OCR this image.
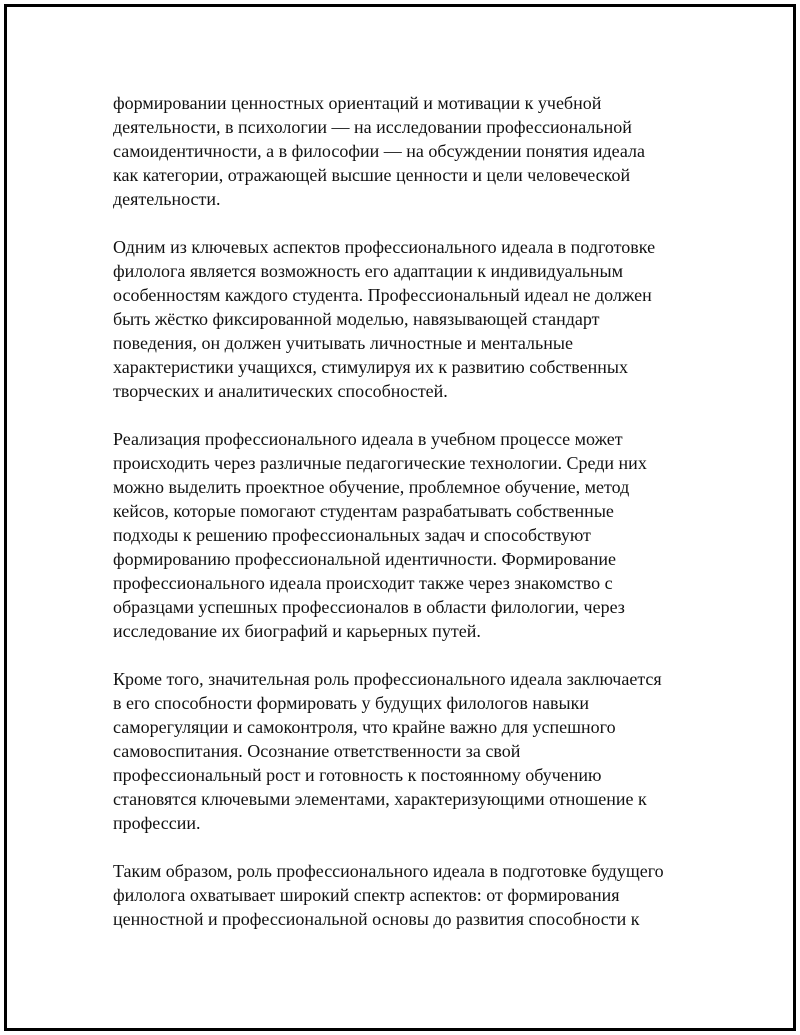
формировании ценностных ориентаций и мотивации к учебной
деятельности, в психологии — на исследовании профессиональной
самоидентичности, а в философии — на обсуждении понятия идеала
как категории, отражающей высшие ценности и цели человеческой
деятельности.

Одним из ключевых аспектов профессионального идеала в подготовке
филолога является возможность его адаптации к индивидуальным
особенностям каждого студента. Профессиональный идеал не должен
быть жёстко фиксированной моделью, навязывающей стандарт
поведения, он должен учитывать личностные и ментальные
характеристики учащихся, стимулируя их к развитию собственных
творческих и аналитических способностей.

Реализация профессионального идеала в учебном процессе может
происходить через различные педагогические технологии. Среди них
можно выделить проектное обучение, проблемное обучение, метод
кейсов, которые помогают студентам разрабатывать собственные
подходы к решению профессиональных задач и способствуют
формированию профессиональной идентичности. Формирование
профессионального идеала происходит также через знакомство с
образцами успешных профессионалов в области филологии, через
исследование их биографий и карьерных путей.

Кроме того, значительная роль профессионального идеала заключается
в его способности формировать у будущих филологов навыки
саморегуляции и самоконтроля, что крайне важно для успешного
самовоспитания. Осознание ответственности за свой
профессиональный рост и готовность к постоянному обучению
становятся ключевыми элементами, характеризующими отношение к
профессии.

Таким образом, роль профессионального идеала в подготовке будущего
филолога охватывает широкий спектр аспектов: от формирования
ценностной и профессиональной основы до развития способности к
